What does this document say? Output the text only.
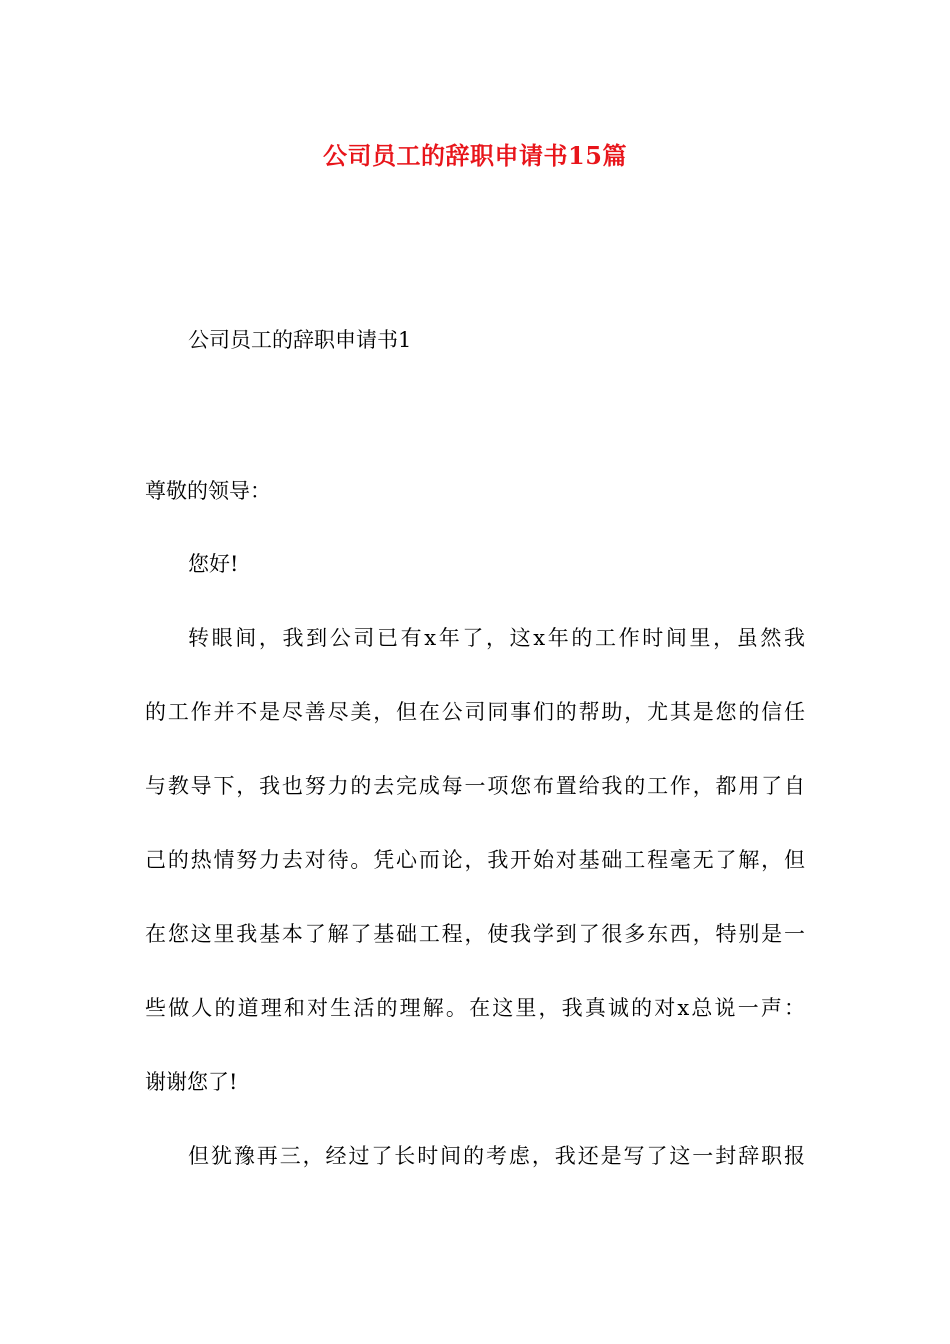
公司员工的辞职申请书15篇
公司员工的辞职申请书1
尊敬的领导：
您好!
转眼间，我到公司已有x年了，这x年的工作时间里，虽然我
的工作并不是尽善尽美，但在公司同事们的帮助，尤其是您的信任
与教导下，我也努力的去完成每一项您布置给我的工作，都用了自
己的热情努力去对待。凭心而论，我开始对基础工程毫无了解，但
在您这里我基本了解了基础工程，使我学到了很多东西，特别是一
些做人的道理和对生活的理解。在这里，我真诚的对x总说一声：
谢谢您了!
但犹豫再三，经过了长时间的考虑，我还是写了这一封辞职报
